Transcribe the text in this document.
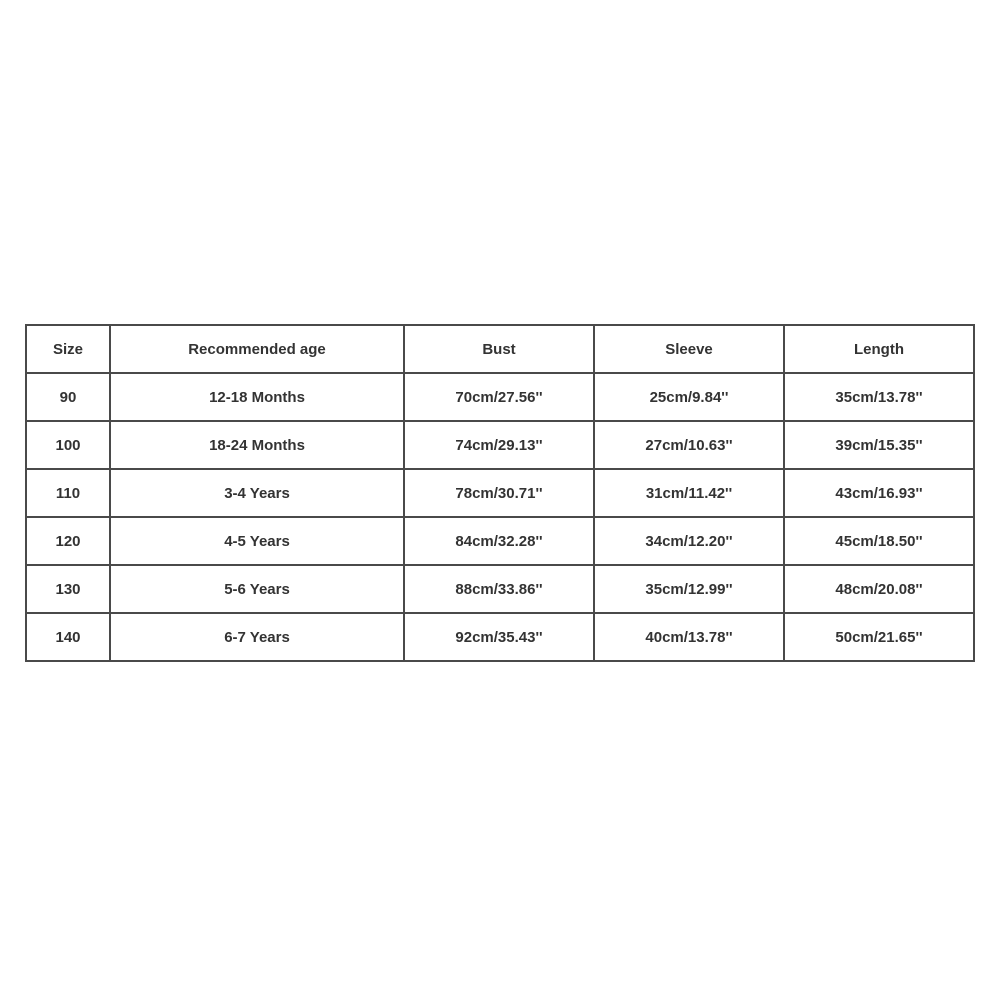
Size	Recommended age	Bust	Sleeve	Length
90	12-18 Months	70cm/27.56''	25cm/9.84''	35cm/13.78''
100	18-24 Months	74cm/29.13''	27cm/10.63''	39cm/15.35''
110	3-4 Years	78cm/30.71''	31cm/11.42''	43cm/16.93''
120	4-5 Years	84cm/32.28''	34cm/12.20''	45cm/18.50''
130	5-6 Years	88cm/33.86''	35cm/12.99''	48cm/20.08''
140	6-7 Years	92cm/35.43''	40cm/13.78''	50cm/21.65''
